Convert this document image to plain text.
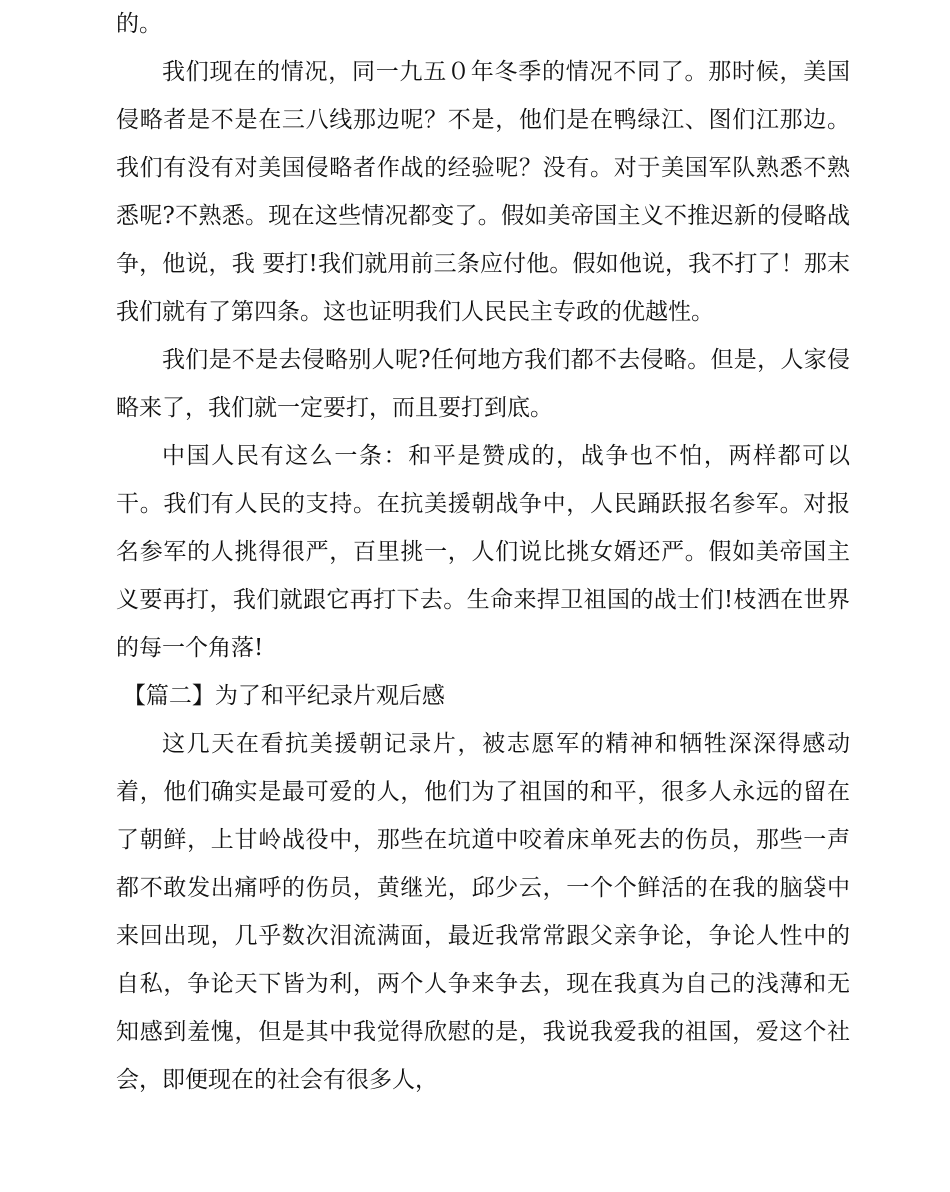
的。

我们现在的情况，同一九五０年冬季的情况不同了。那时候，美国侵略者是不是在三八线那边呢？不是，他们是在鸭绿江、图们江那边。我们有没有对美国侵略者作战的经验呢？没有。对于美国军队熟悉不熟悉呢?不熟悉。现在这些情况都变了。假如美帝国主义不推迟新的侵略战争，他说，我 要打!我们就用前三条应付他。假如他说，我不打了！那末我们就有了第四条。这也证明我们人民民主专政的优越性。

我们是不是去侵略别人呢?任何地方我们都不去侵略。但是，人家侵略来了，我们就一定要打，而且要打到底。

中国人民有这么一条：和平是赞成的，战争也不怕，两样都可以干。我们有人民的支持。在抗美援朝战争中，人民踊跃报名参军。对报名参军的人挑得很严，百里挑一，人们说比挑女婿还严。假如美帝国主义要再打，我们就跟它再打下去。生命来捍卫祖国的战士们!枝洒在世界的每一个角落!

【篇二】为了和平纪录片观后感

这几天在看抗美援朝记录片，被志愿军的精神和牺牲深深得感动着，他们确实是最可爱的人，他们为了祖国的和平，很多人永远的留在了朝鲜，上甘岭战役中，那些在坑道中咬着床单死去的伤员，那些一声都不敢发出痛呼的伤员，黄继光，邱少云，一个个鲜活的在我的脑袋中来回出现，几乎数次泪流满面，最近我常常跟父亲争论，争论人性中的自私，争论天下皆为利，两个人争来争去，现在我真为自己的浅薄和无知感到羞愧，但是其中我觉得欣慰的是，我说我爱我的祖国，爱这个社会，即便现在的社会有很多人，
